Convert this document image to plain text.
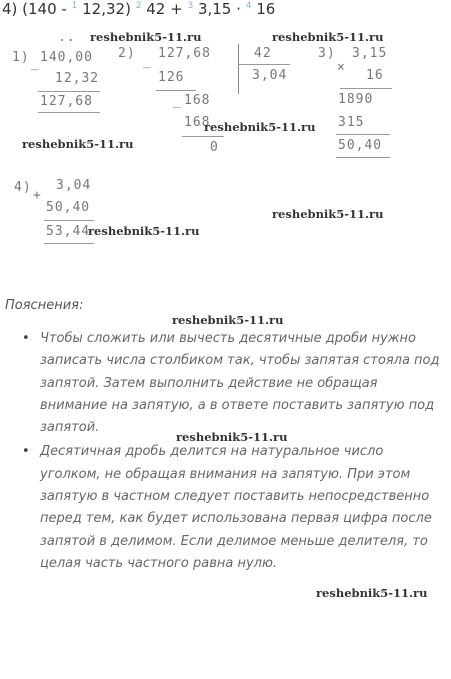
4) (140 - $^1$ 12,32) $^2$ 42 + $^3$ 3,15 · $^4$ 16
..
1) _ 140,00
12,32
127,68
2)
_
127,68	42
3,04
126
_ 168
168
0
3)
×
3,15
16
1890
315
50,40
4)
+
3,04
50,40
53,44
reshebnik5-11.ru	reshebnik5-11.ru
reshebnik5-11.ru
reshebnik5-11.ru
reshebnik5-11.ru
reshebnik5-11.ru
reshebnik5-11.ru
reshebnik5-11.ru
reshebnik5-11.ru
Пояснения:
• Чтобы сложить или вычесть десятичные дроби нужно записать числа столбиком так, чтобы запятая стояла под запятой. Затем выполнить действие не обращая внимание на запятую, а в ответе поставить запятую под запятой.
• Десятичная дробь делится на натуральное число уголком, не обращая внимания на запятую. При этом запятую в частном следует поставить непосредственно перед тем, как будет использована первая цифра после запятой в делимом. Если делимое меньше делителя, то целая часть частного равна нулю.
